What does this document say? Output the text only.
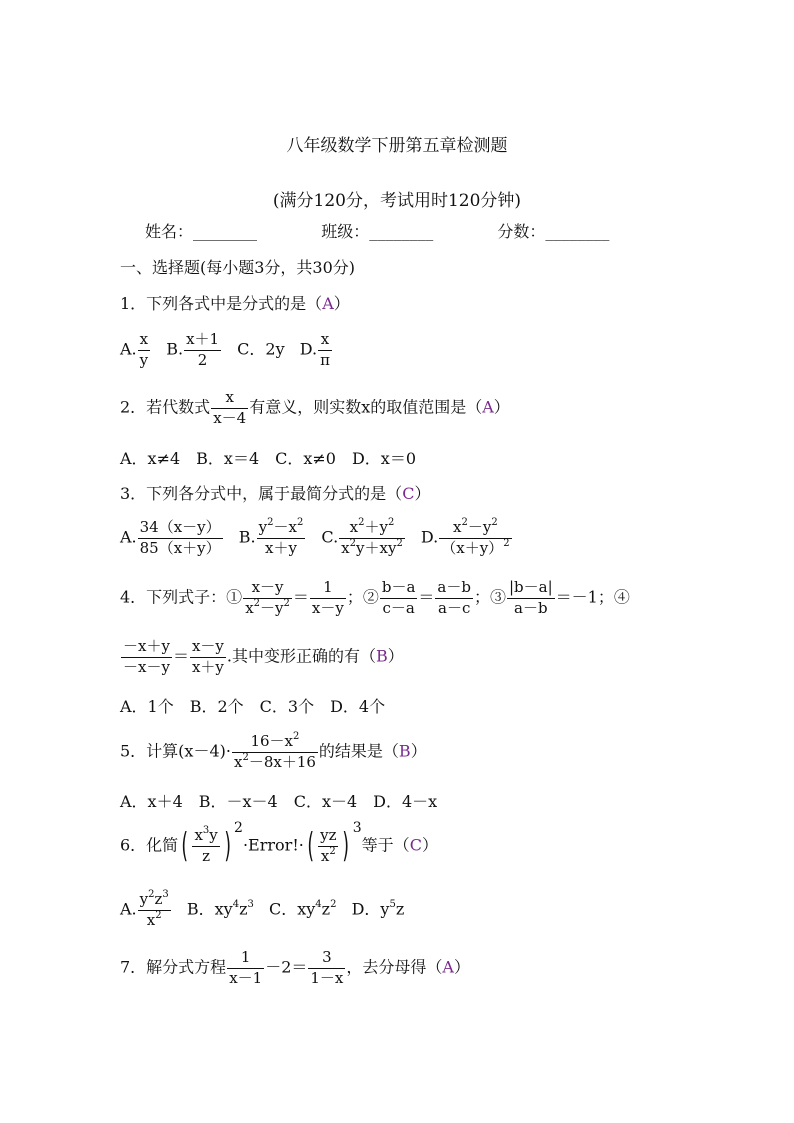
八年级数学下册第五章检测题
(满分120分，考试用时120分钟)
姓名：________	班级：________	分数：________
一、选择题(每小题3分，共30分)
1．下列各式中是分式的是（A）
A. $\frac{x}{y} B$. $\frac{x+1}{2}$ C．2y D. $\frac{x}{\pi}$
2．若代数式 $\frac{x}{x-4}$ 有意义，则实数x的取值范围是（A）
A．x≠4　B．x＝4　C．x≠0　D．x＝0
3．下列各分式中，属于最简分式的是（C）
A. $\frac{34(x-y)}{85(x+y)} B$. $\frac{y^2-x^2}{x+y} C$. $\frac{x^2+y^2}{x^2y+xy^2} D$. $\frac{x^2-y^2}{(x+y)^2}$
4．下列式子：① $\frac{x-y}{x^2-y^2} = \frac{1}{x-y}$ ；② $\frac{b-a}{c-a} = \frac{a-b}{a-c}$ ；③ $\frac{|b-a|}{a-b} =-1$；④
$\frac{-x+y}{-x-y} = \frac{x-y}{x+y}$ .其中变形正确的有（B）
A．1个　B．2个　C．3个　D．4个
5．计算$(x-4)\cdot \frac{16-x^2}{x^2-8x+16}$ 的结果是（B）
A．x＋4　B．－x－4　C．x－4　D．4－x
6．化简( $\frac{x^3y}{z}$ ) $^2$·Error!·( $\frac{yz}{x^2}$ ) $^3$等于（C）
A. $\frac{y^2z^3}{x^2}$ B．$xy^4z^3$ C．$xy^4z^2$ D．$y^5z$
7．解分式方程 $\frac{1}{x-1} -2= \frac{3}{1-x}$ ，去分母得（A）
